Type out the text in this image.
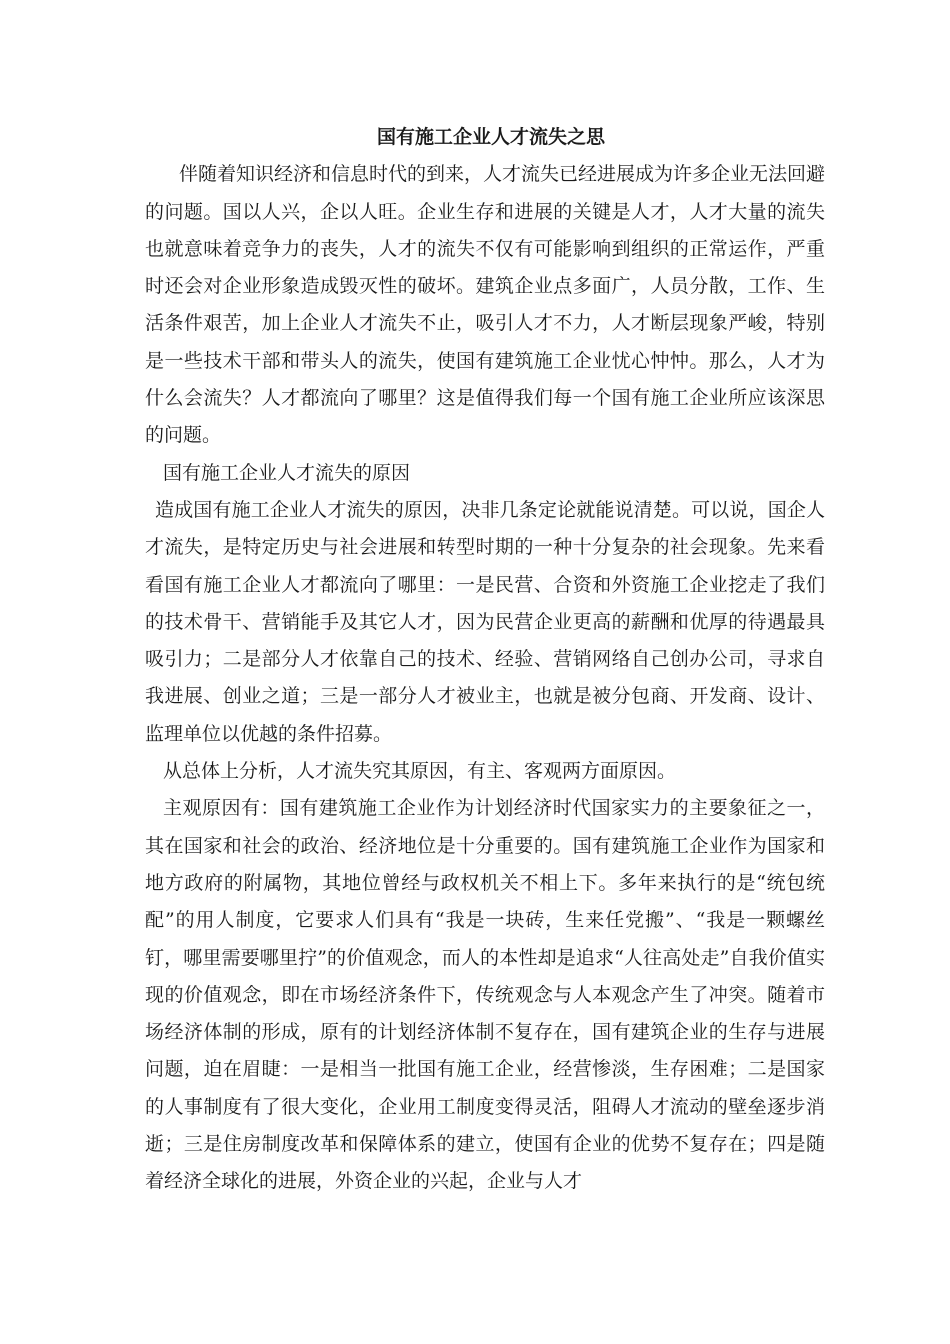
国有施工企业人才流失之思

伴随着知识经济和信息时代的到来，人才流失已经进展成为许多企业无法回避的问题。国以人兴，企以人旺。企业生存和进展的关键是人才，人才大量的流失也就意味着竞争力的丧失，人才的流失不仅有可能影响到组织的正常运作，严重时还会对企业形象造成毁灭性的破坏。建筑企业点多面广，人员分散，工作、生活条件艰苦，加上企业人才流失不止，吸引人才不力，人才断层现象严峻，特别是一些技术干部和带头人的流失，使国有建筑施工企业忧心忡忡。那么，人才为什么会流失？人才都流向了哪里？这是值得我们每一个国有施工企业所应该深思的问题。

国有施工企业人才流失的原因

造成国有施工企业人才流失的原因，决非几条定论就能说清楚。可以说，国企人才流失，是特定历史与社会进展和转型时期的一种十分复杂的社会现象。先来看看国有施工企业人才都流向了哪里：一是民营、合资和外资施工企业挖走了我们的技术骨干、营销能手及其它人才，因为民营企业更高的薪酬和优厚的待遇最具吸引力；二是部分人才依靠自己的技术、经验、营销网络自己创办公司，寻求自我进展、创业之道；三是一部分人才被业主，也就是被分包商、开发商、设计、监理单位以优越的条件招募。

从总体上分析，人才流失究其原因，有主、客观两方面原因。

主观原因有：国有建筑施工企业作为计划经济时代国家实力的主要象征之一，其在国家和社会的政治、经济地位是十分重要的。国有建筑施工企业作为国家和地方政府的附属物，其地位曾经与政权机关不相上下。多年来执行的是“统包统配”的用人制度，它要求人们具有“我是一块砖，生来任党搬”、“我是一颗螺丝钉，哪里需要哪里拧”的价值观念，而人的本性却是追求“人往高处走”自我价值实现的价值观念，即在市场经济条件下，传统观念与人本观念产生了冲突。随着市场经济体制的形成，原有的计划经济体制不复存在，国有建筑企业的生存与进展问题，迫在眉睫：一是相当一批国有施工企业，经营惨淡，生存困难；二是国家的人事制度有了很大变化，企业用工制度变得灵活，阻碍人才流动的壁垒逐步消逝；三是住房制度改革和保障体系的建立，使国有企业的优势不复存在；四是随着经济全球化的进展，外资企业的兴起，企业与人才
